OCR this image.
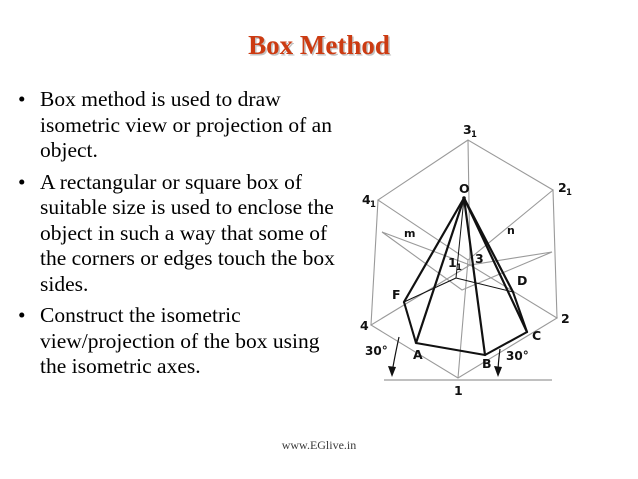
Box Method
• Box method is used to draw isometric view or projection of an object.
• A rectangular or square box of suitable size is used to enclose the object in such a way that some of the corners or edges touch the box sides.
• Construct the isometric view/projection of the box using the isometric axes.
3 1
4 1
2 1
O
m	n
1 1
3
D
F
4	2
C
A
B
1
30°	30°
www.EGlive.in
